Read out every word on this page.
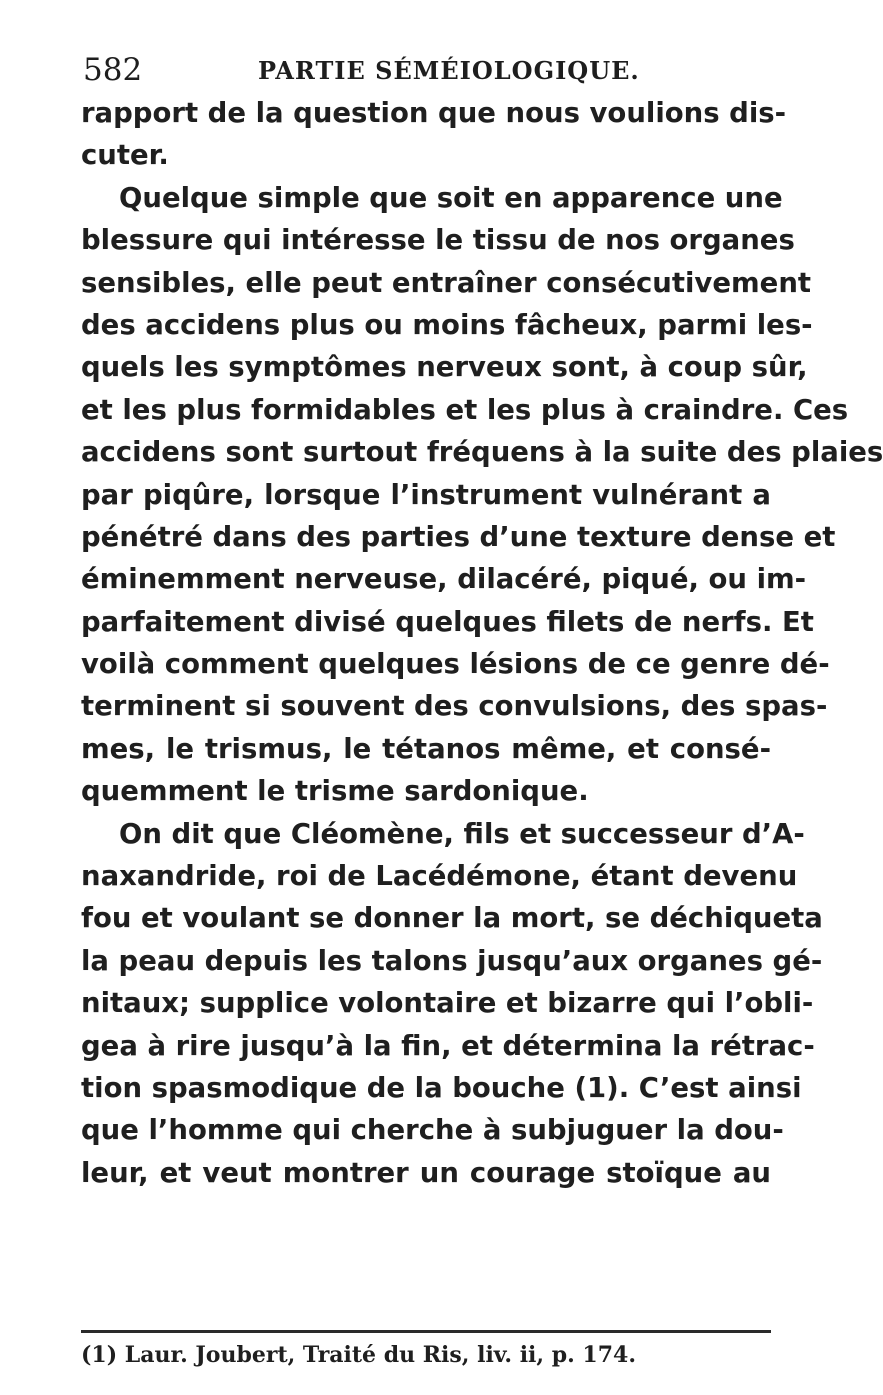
582	PARTIE SÉMÉIOLOGIQUE.
rapport de la question que nous voulions dis-
cuter.
Quelque simple que soit en apparence une
blessure qui intéresse le tissu de nos organes
sensibles, elle peut entraîner consécutivement
des accidens plus ou moins fâcheux, parmi les-
quels les symptômes nerveux sont, à coup sûr,
et les plus formidables et les plus à craindre. Ces
accidens sont surtout fréquens à la suite des plaies
par piqûre, lorsque l’instrument vulnérant a
pénétré dans des parties d’une texture dense et
éminemment nerveuse, dilacéré, piqué, ou im-
parfaitement divisé quelques filets de nerfs. Et
voilà comment quelques lésions de ce genre dé-
terminent si souvent des convulsions, des spas-
mes, le trismus, le tétanos même, et consé-
quemment le trisme sardonique.
On dit que Cléomène, fils et successeur d’A-
naxandride, roi de Lacédémone, étant devenu
fou et voulant se donner la mort, se déchiqueta
la peau depuis les talons jusqu’aux organes gé-
nitaux; supplice volontaire et bizarre qui l’obli-
gea à rire jusqu’à la fin, et détermina la rétrac-
tion spasmodique de la bouche (1). C’est ainsi
que l’homme qui cherche à subjuguer la dou-
leur, et veut montrer un courage stoïque au
(1) Laur. Joubert, Traité du Ris, liv. ii, p. 174.
